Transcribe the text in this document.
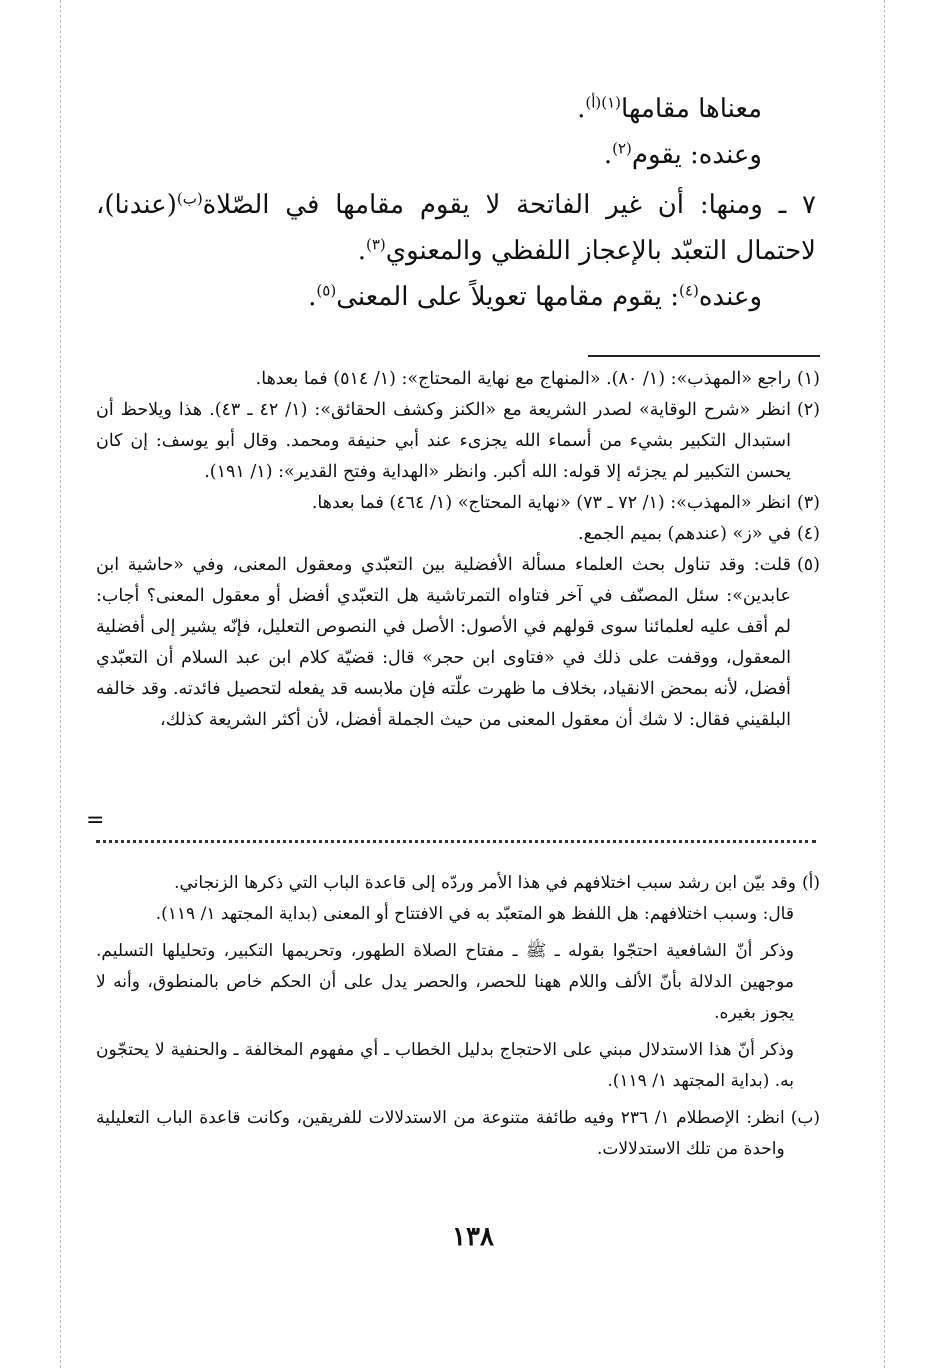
معناها مقامها$^{(١)(أ)}$.

وعنده: يقوم$^{(٢)}$.

٧ ـ ومنها: أن غير الفاتحة لا يقوم مقامها في الصّلاة$^{(ب)}$(عندنا)، لاحتمال التعبّد بالإعجاز اللفظي والمعنوي$^{(٣)}$.

وعنده$^{(٤)}$: يقوم مقامها تعويلاً على المعنى$^{(٥)}$.

(١)
راجع «المهذب»: (١/ ٨٠). «المنهاج مع نهاية المحتاج»: (١/ ٥١٤) فما بعدها.
(٢)
انظر «شرح الوقاية» لصدر الشريعة مع «الكنز وكشف الحقائق»: (١/ ٤٢ ـ ٤٣). هذا ويلاحظ أن استبدال التكبير بشيء من أسماء الله يجزىء عند أبي حنيفة ومحمد. وقال أبو يوسف: إن كان يحسن التكبير لم يجزئه إلا قوله: الله أكبر. وانظر «الهداية وفتح القدير»: (١/ ١٩١).
(٣)
انظر «المهذب»: (١/ ٧٢ ـ ٧٣) «نهاية المحتاج» (١/ ٤٦٤) فما بعدها.
(٤)
في «ز» (عندهم) بميم الجمع.
(٥)
قلت: وقد تناول بحث العلماء مسألة الأفضلية بين التعبّدي ومعقول المعنى، وفي «حاشية ابن عابدين»: سئل المصنّف في آخر فتاواه التمرتاشية هل التعبّدي أفضل أو معقول المعنى؟ أجاب: لم أقف عليه لعلمائنا سوى قولهم في الأصول: الأصل في النصوص التعليل، فإنّه يشير إلى أفضلية المعقول، ووقفت على ذلك في «فتاوى ابن حجر» قال: قضيّة كلام ابن عبد السلام أن التعبّدي أفضل، لأنه بمحض الانقياد، بخلاف ما ظهرت علّته فإن ملابسه قد يفعله لتحصيل فائدته. وقد خالفه البلقيني فقال: لا شك أن معقول المعنى من حيث الجملة أفضل، لأن أكثر الشريعة كذلك،
=
(أ)
وقد بيّن ابن رشد سبب اختلافهم في هذا الأمر وردّه إلى قاعدة الباب التي ذكرها الزنجاني.

قال: وسبب اختلافهم: هل اللفظ هو المتعبّد به في الافتتاح أو المعنى (بداية المجتهد ١/ ١١٩).

وذكر أنّ الشافعية احتجّوا بقوله ـ ﷺ ـ مفتاح الصلاة الطهور، وتحريمها التكبير، وتحليلها التسليم. موجهين الدلالة بأنّ الألف واللام ههنا للحصر، والحصر يدل على أن الحكم خاص بالمنطوق، وأنه لا يجوز بغيره.

وذكر أنّ هذا الاستدلال مبني على الاحتجاج بدليل الخطاب ـ أي مفهوم المخالفة ـ والحنفية لا يحتجّون به. (بداية المجتهد ١/ ١١٩).

(ب)
انظر: الإصطلام ١/ ٢٣٦ وفيه طائفة متنوعة من الاستدلالات للفريقين، وكانت قاعدة الباب التعليلية واحدة من تلك الاستدلالات.
١٣٨
